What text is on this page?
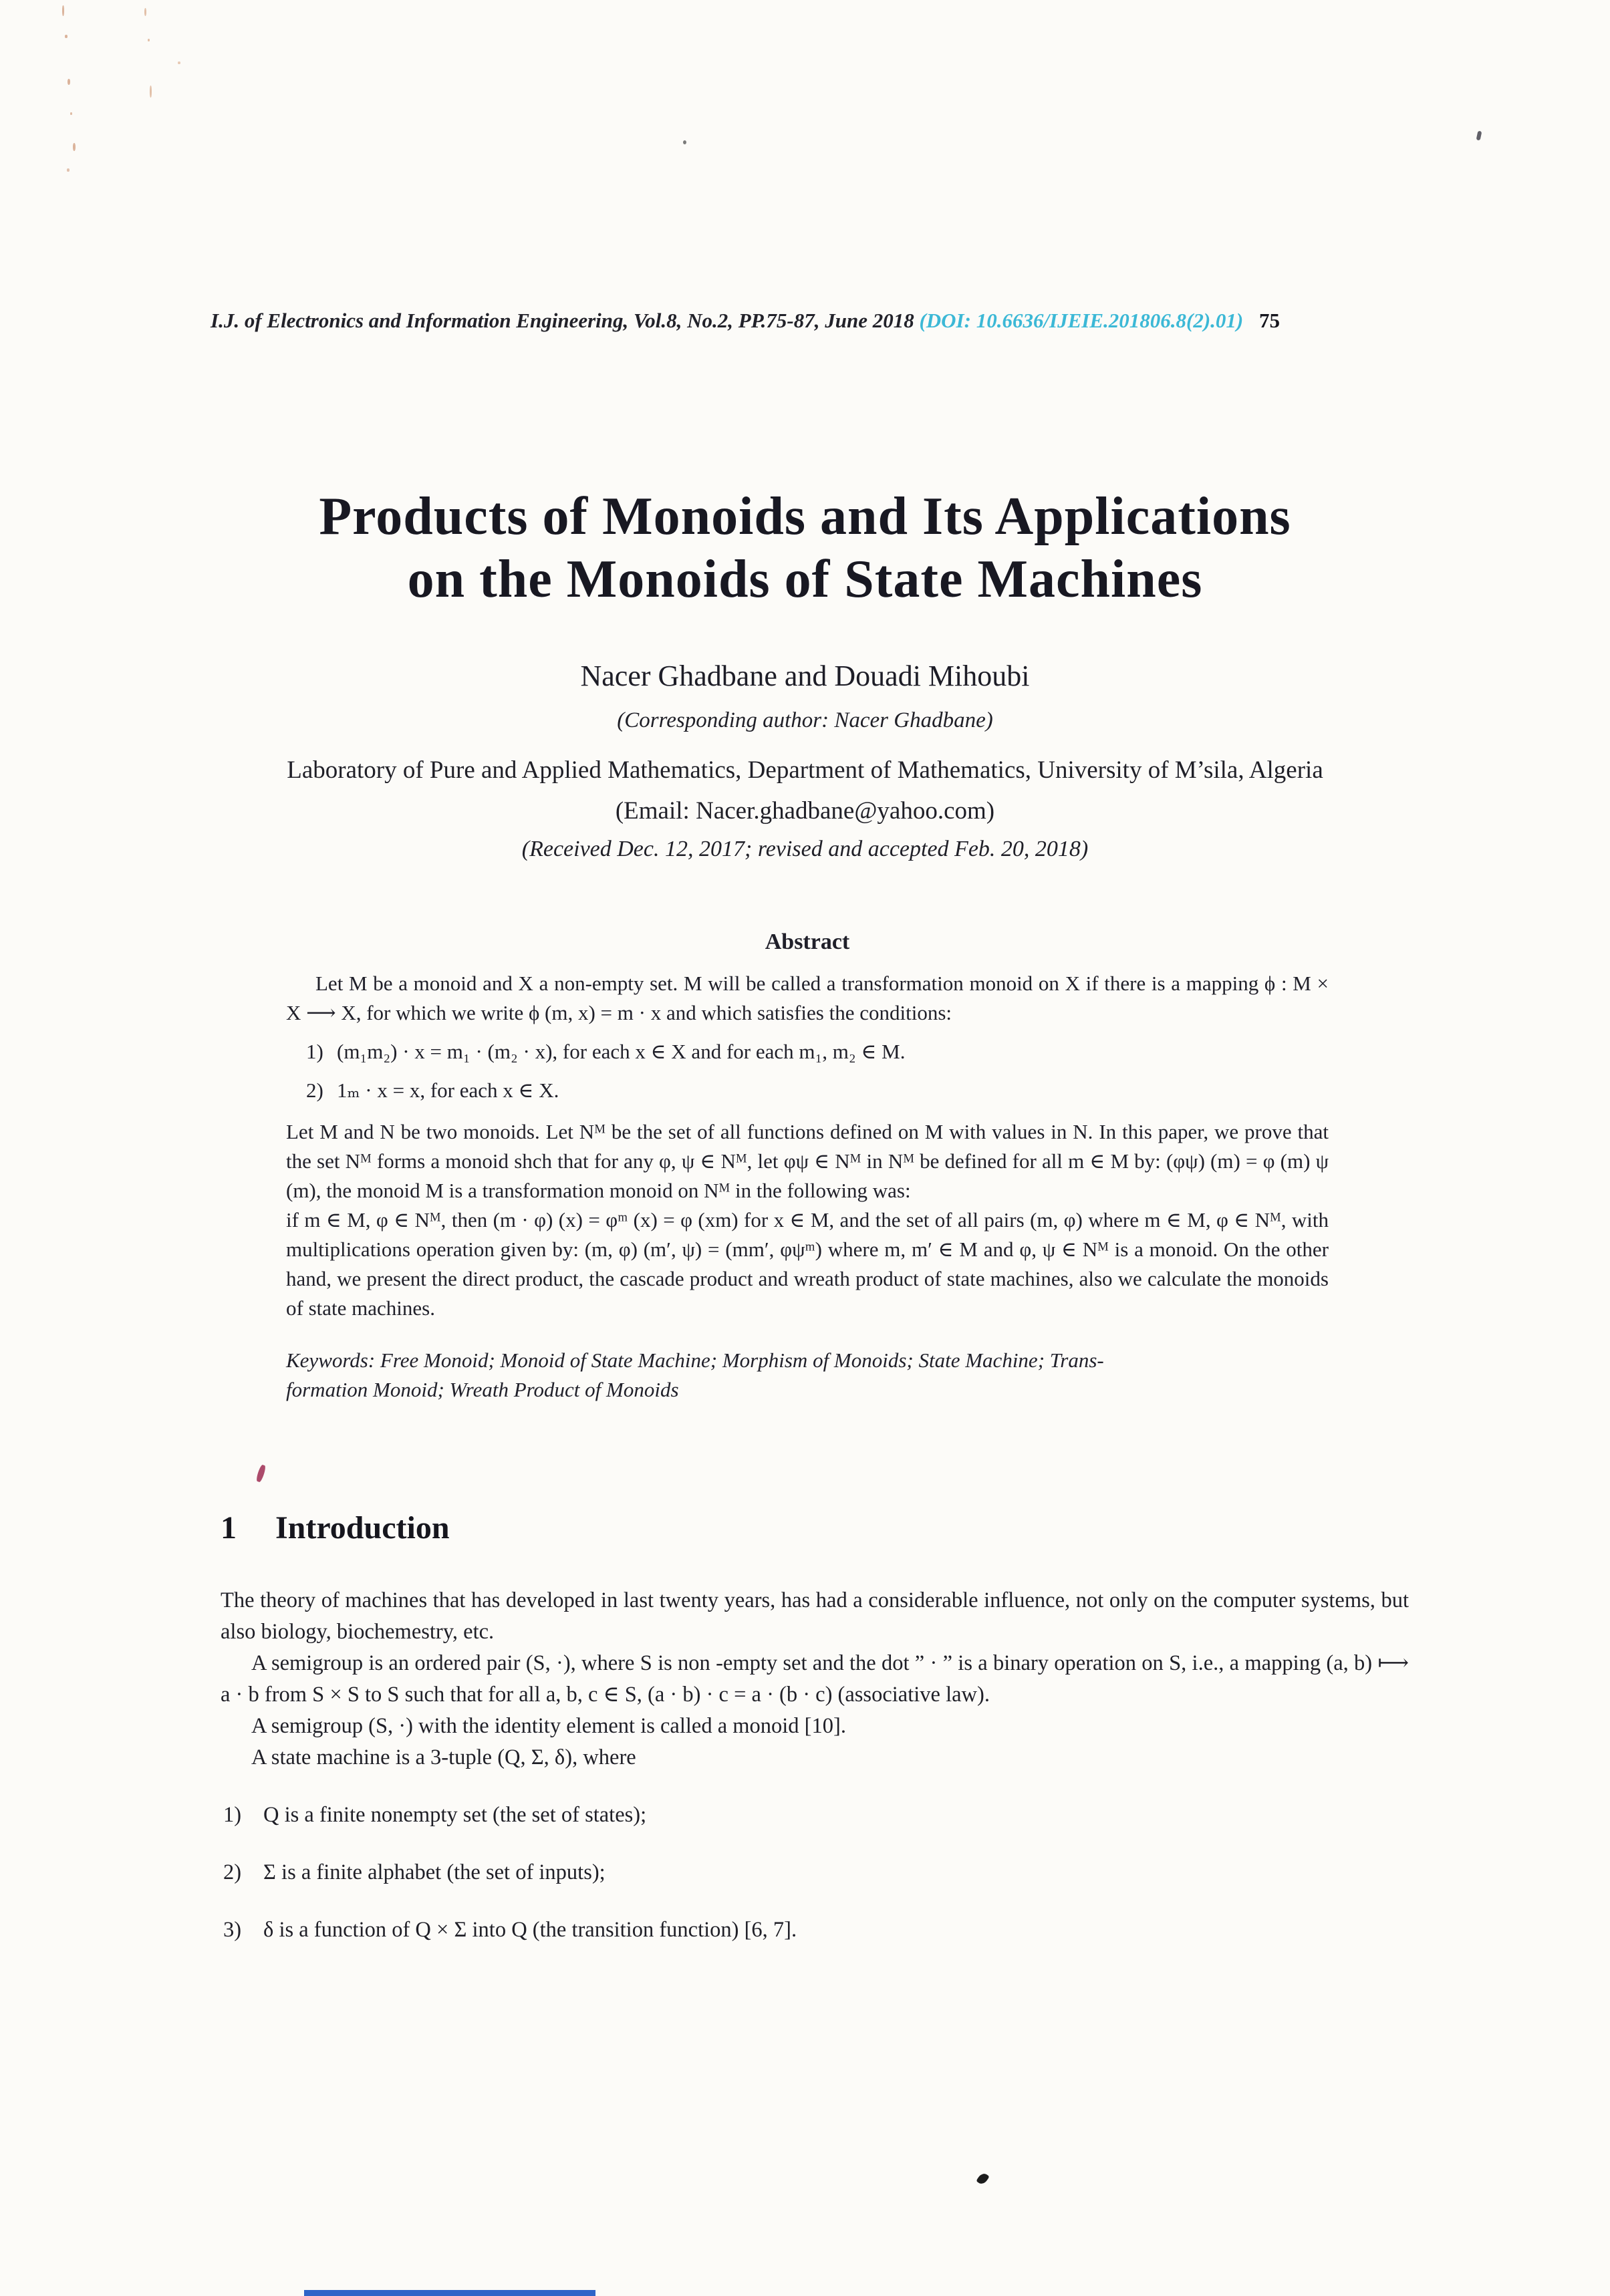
I.J. of Electronics and Information Engineering, Vol.8, No.2, PP.75-87, June 2018 (DOI: 10.6636/IJEIE.201806.8(2).01) 75
Products of Monoids and Its Applications
on the Monoids of State Machines
Nacer Ghadbane and Douadi Mihoubi
(Corresponding author: Nacer Ghadbane)
Laboratory of Pure and Applied Mathematics, Department of Mathematics, University of M’sila, Algeria
(Email: Nacer.ghadbane@yahoo.com)
(Received Dec. 12, 2017; revised and accepted Feb. 20, 2018)
Abstract

Let M be a monoid and X a non-empty set. M will be called a transformation monoid on X if there is a mapping ϕ : M × X ⟶ X, for which we write ϕ (m, x) = m · x and which satisfies the conditions:

1) (m₁m₂) · x = m₁ · (m₂ · x), for each x ∈ X and for each m₁, m₂ ∈ M.
2) 1ₘ · x = x, for each x ∈ X.

Let M and N be two monoids. Let Nᴹ be the set of all functions defined on M with values in N. In this paper, we prove that the set Nᴹ forms a monoid shch that for any φ, ψ ∈ Nᴹ, let φψ ∈ Nᴹ in Nᴹ be defined for all m ∈ M by: (φψ) (m) = φ (m) ψ (m), the monoid M is a transformation monoid on Nᴹ in the following was:

if m ∈ M, φ ∈ Nᴹ, then (m · φ) (x) = φᵐ (x) = φ (xm) for x ∈ M, and the set of all pairs (m, φ) where m ∈ M, φ ∈ Nᴹ, with multiplications operation given by: (m, φ) (m′, ψ) = (mm′, φψᵐ) where m, m′ ∈ M and φ, ψ ∈ Nᴹ is a monoid. On the other hand, we present the direct product, the cascade product and wreath product of state machines, also we calculate the monoids of state machines.

Keywords: Free Monoid; Monoid of State Machine; Morphism of Monoids; State Machine; Trans-

formation Monoid; Wreath Product of Monoids

1 Introduction

The theory of machines that has developed in last twenty years, has had a considerable influence, not only on the computer systems, but also biology, biochemestry, etc.

A semigroup is an ordered pair (S, ·), where S is non -empty set and the dot ” · ” is a binary operation on S, i.e., a mapping (a, b) ⟼ a · b from S × S to S such that for all a, b, c ∈ S, (a · b) · c = a · (b · c) (associative law).

A semigroup (S, ·) with the identity element is called a monoid [10].

A state machine is a 3-tuple (Q, Σ, δ), where

1) Q is a finite nonempty set (the set of states);
2) Σ is a finite alphabet (the set of inputs);
3) δ is a function of Q × Σ into Q (the transition function) [6, 7].
